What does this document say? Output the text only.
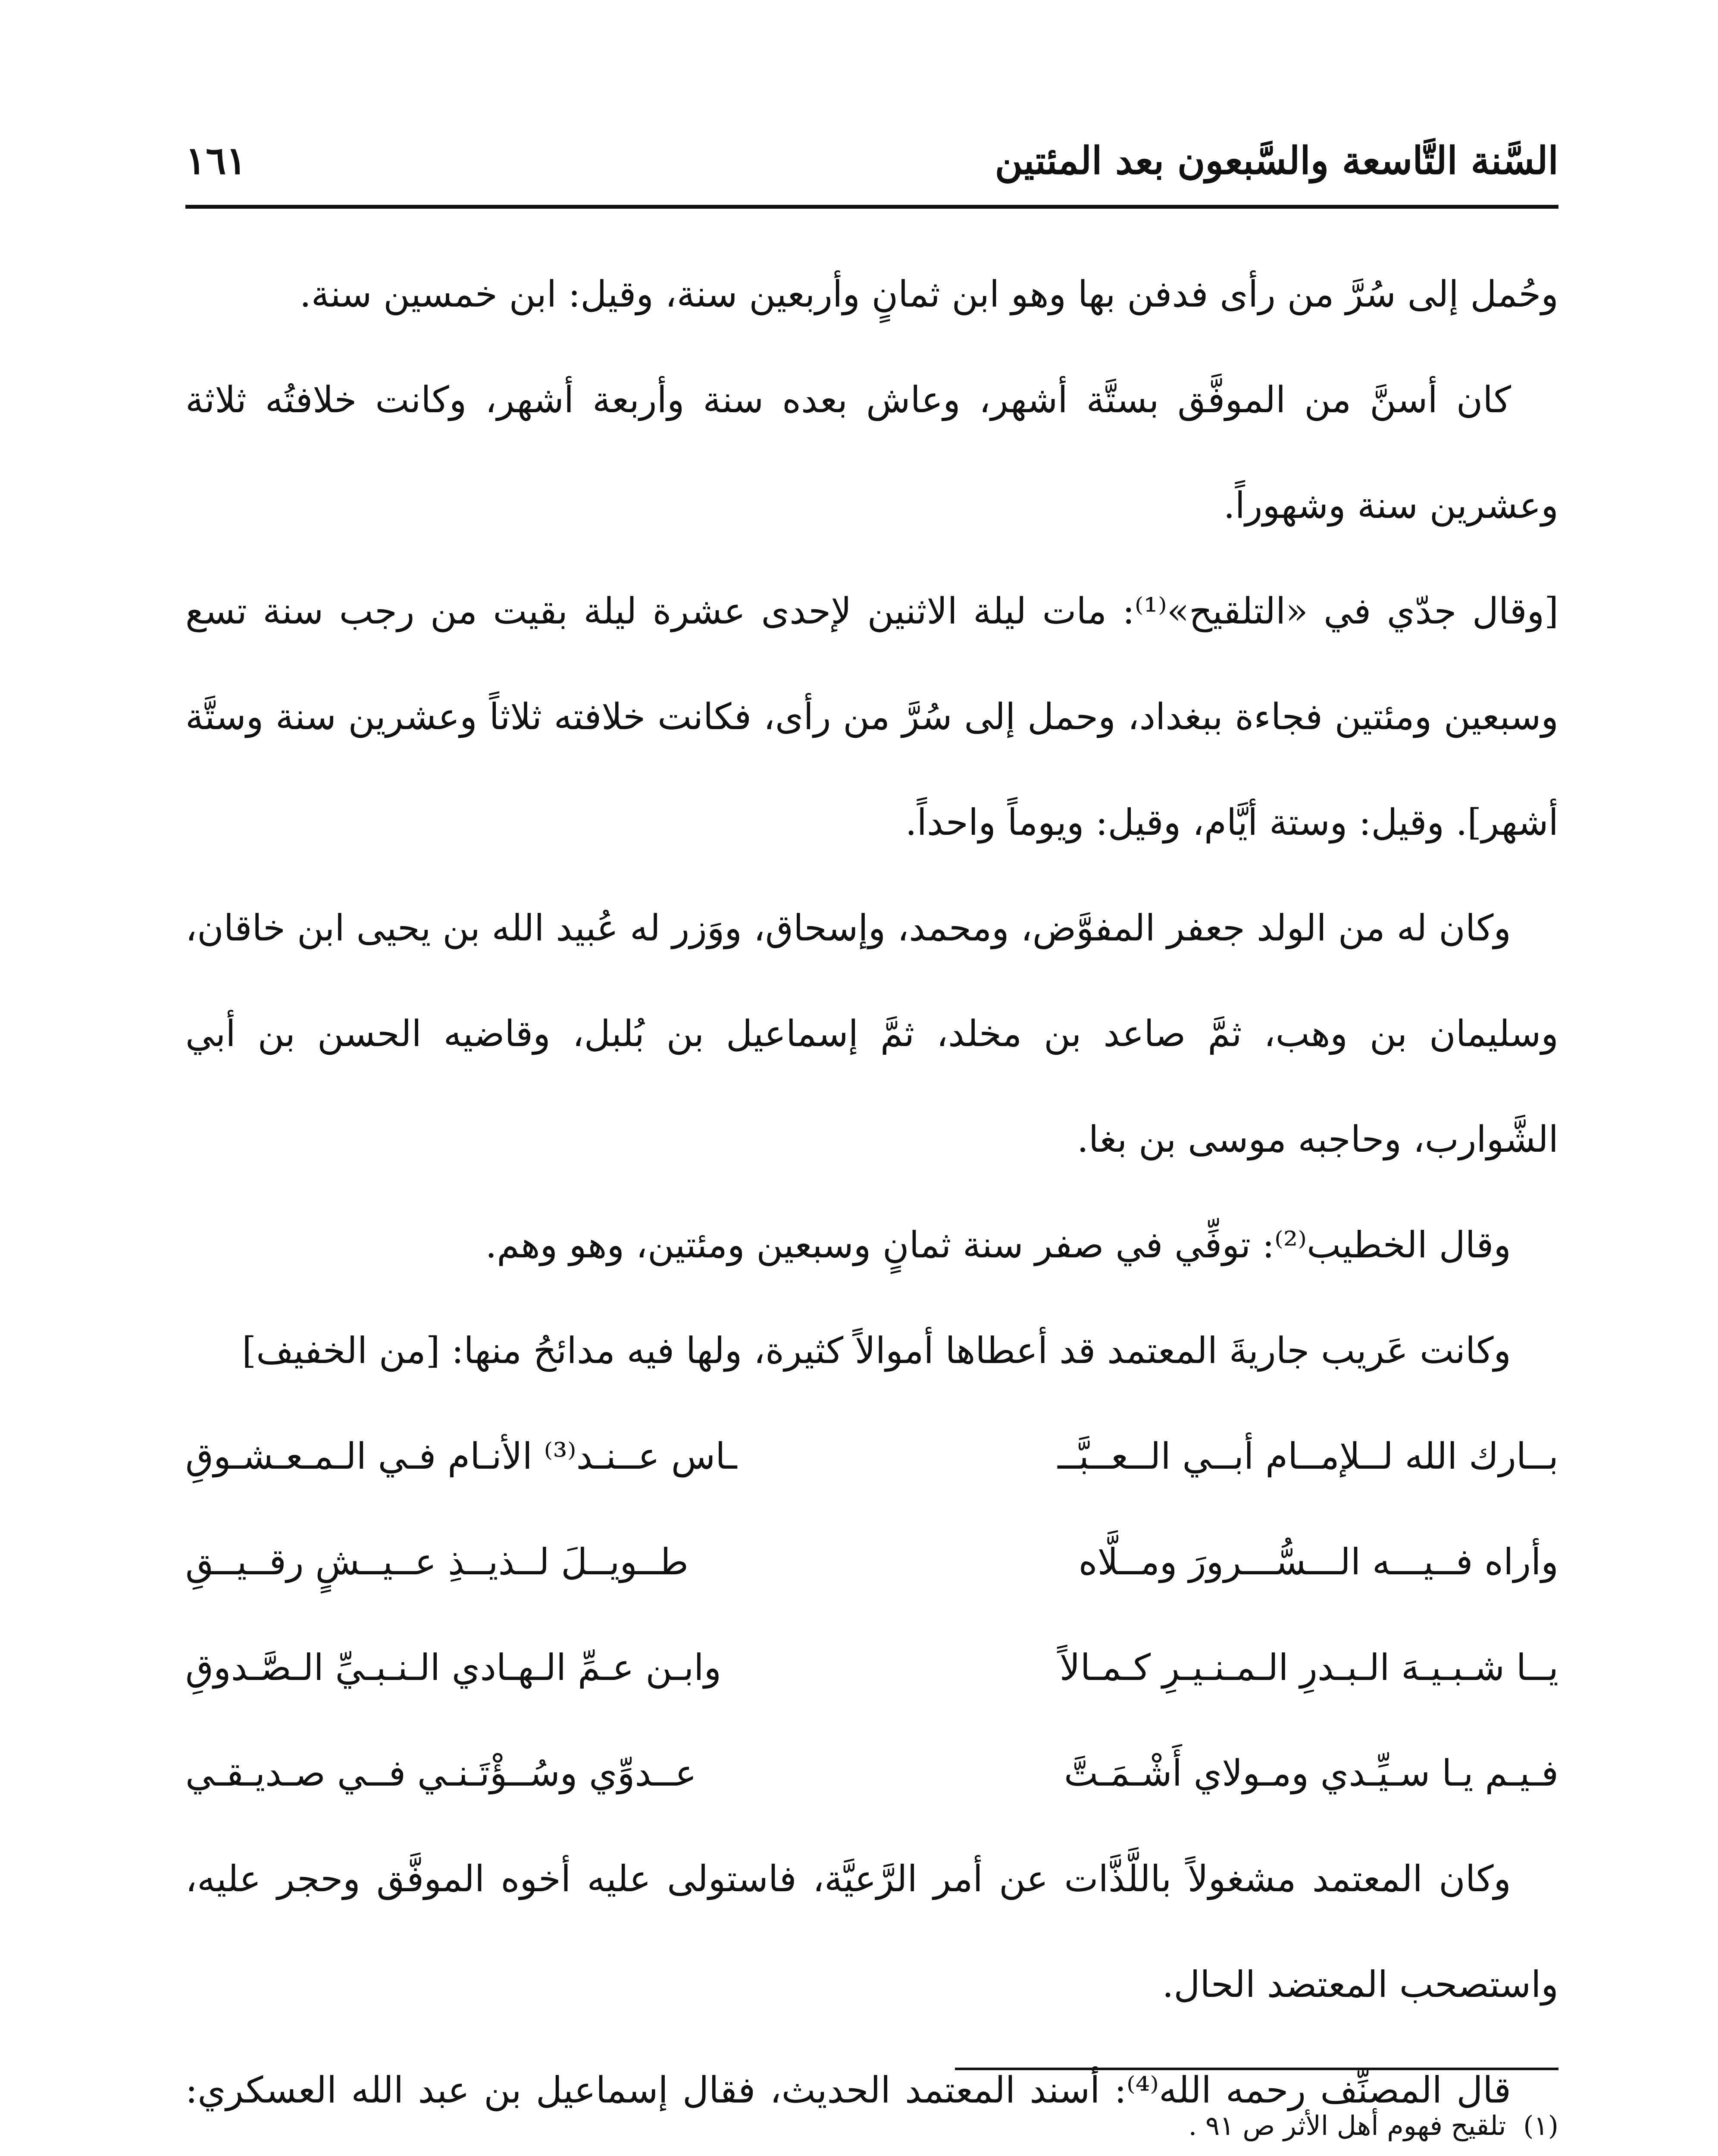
السَّنة التَّاسعة والسَّبعون بعد المئتين
١٦١

وحُمل إلى سُرَّ من رأى فدفن بها وهو ابن ثمانٍ وأربعين سنة، وقيل: ابن خمسين سنة.

كان أسنَّ من الموفَّق بستَّة أشهر، وعاش بعده سنة وأربعة أشهر، وكانت خلافتُه ثلاثة وعشرين سنة وشهوراً.

[وقال جدّي في «التلقيح»⁽¹⁾: مات ليلة الاثنين لإحدى عشرة ليلة بقيت من رجب سنة تسع وسبعين ومئتين فجاءة ببغداد، وحمل إلى سُرَّ من رأى، فكانت خلافته ثلاثاً وعشرين سنة وستَّة أشهر]. وقيل: وستة أيَّام، وقيل: ويوماً واحداً.

وكان له من الولد جعفر المفوَّض، ومحمد، وإسحاق، ووَزر له عُبيد الله بن يحيى ابن خاقان، وسليمان بن وهب، ثمَّ صاعد بن مخلد، ثمَّ إسماعيل بن بُلبل، وقاضيه الحسن بن أبي الشَّوارب، وحاجبه موسى بن بغا.

وقال الخطيب⁽²⁾: توفِّي في صفر سنة ثمانٍ وسبعين ومئتين، وهو وهم.

وكانت عَريب جاريةَ المعتمد قد أعطاها أموالاً كثيرة، ولها فيه مدائحُ منها: [من الخفيف]

بــارك الله لــلإمــام أبــي الــعــبَّــ
ـاس عــنـد⁽³⁾ الأنـام فـي الـمـعـشـوقِ
وأراه فــيـــه الـــسُّـــرورَ ومــلَّاه
طــويــلَ لــذيــذِ عــيــشٍ رقــيــقِ
يــا شـبـيـهَ الـبـدرِ الـمـنـيـرِ كـمـالاً
وابـن عـمِّ الـهـادي الـنـبـيِّ الـصَّـدوقِ
فـيـم يـا سـيِّـدي ومـولاي أَشْـمَـتَّ
عــدوِّي وسُــؤْتَـنـي فــي صـديـقـي

وكان المعتمد مشغولاً باللَّذَّات عن أمر الرَّعيَّة، فاستولى عليه أخوه الموفَّق وحجر عليه، واستصحب المعتضد الحال.

قال المصنِّف رحمه الله⁽⁴⁾: أسند المعتمد الحديث، فقال إسماعيل بن عبد الله العسكري:

(١) تلقيح فهوم أهل الأثر ص ٩١ .
